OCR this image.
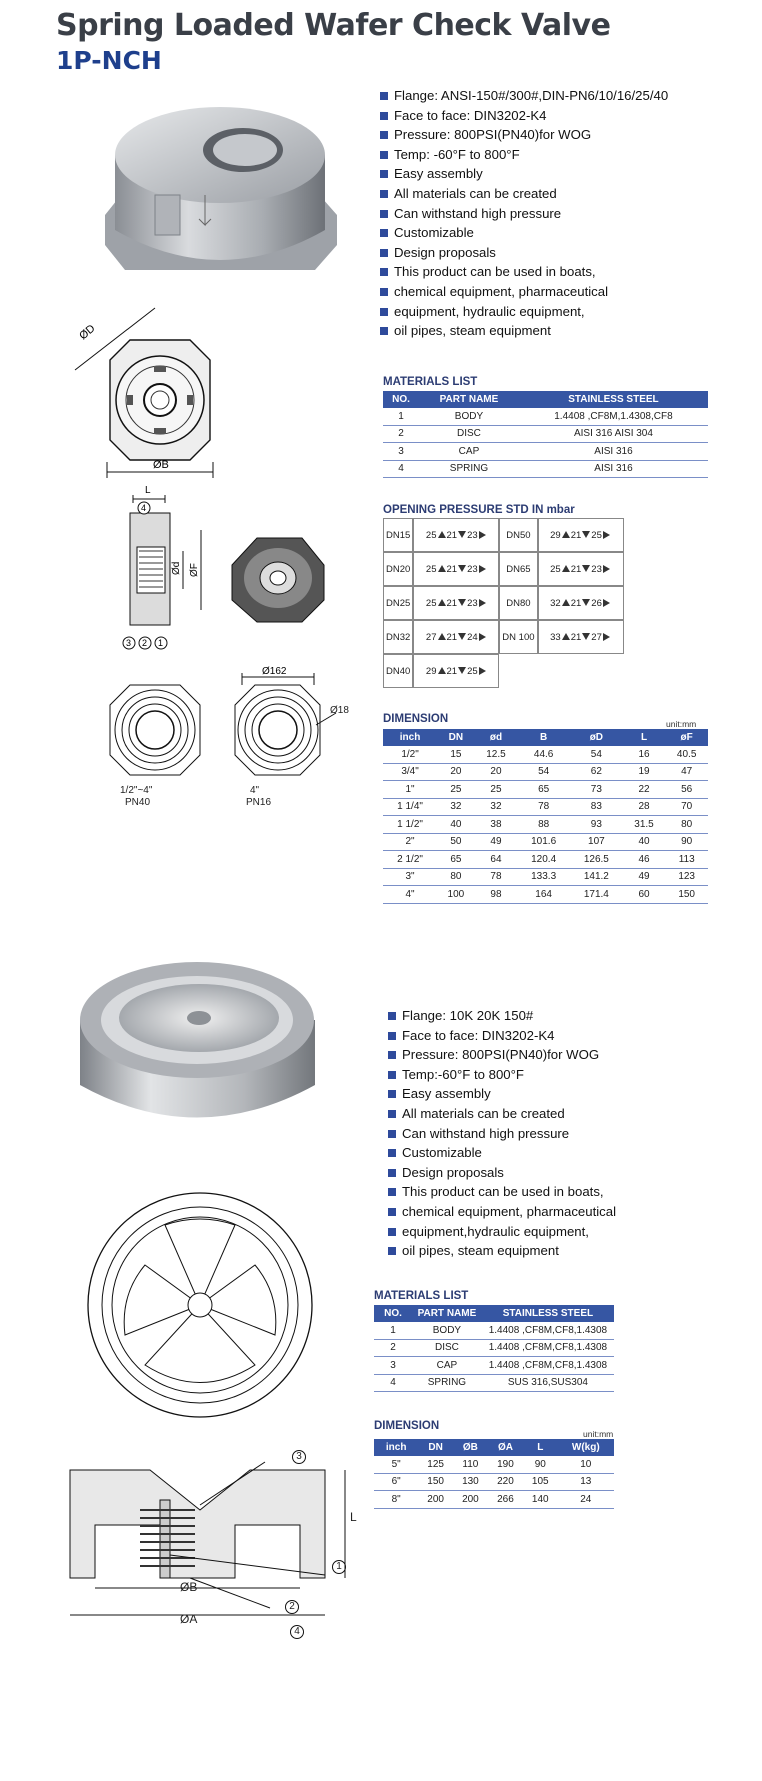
Spring Loaded Wafer Check Valve
1P-NCH
Flange: ANSI-150#/300#,DIN-PN6/10/16/25/40
Face to face: DIN3202-K4
Pressure: 800PSI(PN40)for WOG
Temp: -60°F to 800°F
Easy assembly
All materials can be created
Can withstand high pressure
Customizable
Design proposals
This product can be used in boats,
chemical equipment, pharmaceutical
equipment, hydraulic equipment,
oil pipes, steam equipment
ØD
ØB
L
4
3 2 1
Ød ØF
Ø162
Ø18
1/2"~4"
PN40
4"
PN16
MATERIALS LIST
NO.	PART NAME	STAINLESS STEEL
1	BODY	1.4408 ,CF8M,1.4308,CF8
2	DISC	AISI 316 AISI 304
3	CAP	AISI 316
4	SPRING	AISI 316
OPENING PRESSURE STD IN mbar
DN15	25 21 23	DN50	29 21 25
DN20	25 21 23	DN65	25 21 23
DN25	25 21 23	DN80	32 21 26
DN32	27 21 24	DN 100	33 21 27
DN40	29 21 25		
DIMENSION	unit:mm
inch	DN	ød	B	øD	L	øF
1/2"	15	12.5	44.6	54	16	40.5
3/4"	20	20	54	62	19	47
1"	25	25	65	73	22	56
1 1/4"	32	32	78	83	28	70
1 1/2"	40	38	88	93	31.5	80
2"	50	49	101.6	107	40	90
2 1/2"	65	64	120.4	126.5	46	113
3"	80	78	133.3	141.2	49	123
4"	100	98	164	171.4	60	150
Flange: 10K 20K 150#
Face to face: DIN3202-K4
Pressure: 800PSI(PN40)for WOG
Temp:-60°F to 800°F
Easy assembly
All materials can be created
Can withstand high pressure
Customizable
Design proposals
This product can be used in boats,
chemical equipment, pharmaceutical
equipment,hydraulic equipment,
oil pipes, steam equipment
3
1
2
4
ØB
ØA
L
MATERIALS LIST
NO.	PART NAME	STAINLESS STEEL
1	BODY	1.4408 ,CF8M,CF8,1.4308
2	DISC	1.4408 ,CF8M,CF8,1.4308
3	CAP	1.4408 ,CF8M,CF8,1.4308
4	SPRING	SUS 316,SUS304
DIMENSION
unit:mm
inch	DN	ØB	ØA	L	W(kg)
5"	125	110	190	90	10
6"	150	130	220	105	13
8"	200	200	266	140	24
